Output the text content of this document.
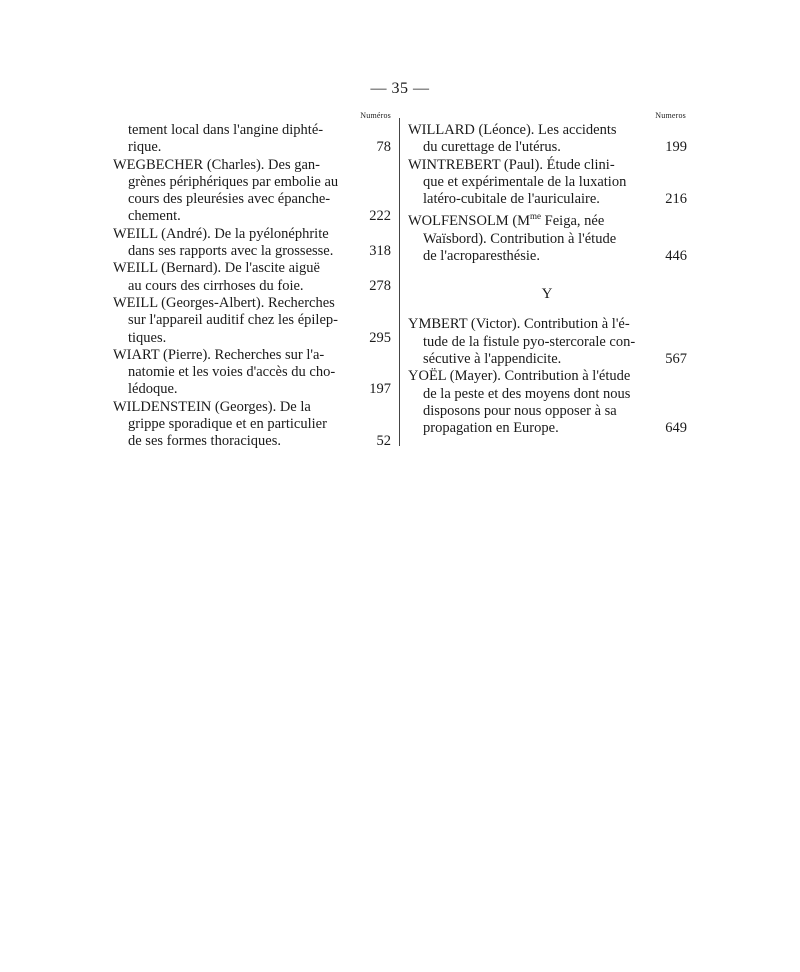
— 35 —
Numéros
tement local dans l'angine diphté-
rique.	78
WEGBECHER (Charles). Des gan-
grènes périphériques par embolie au
cours des pleurésies avec épanche-
chement.	222
WEILL (André). De la pyélonéphrite
dans ses rapports avec la grossesse. 318
WEILL (Bernard). De l'ascite aiguë
au cours des cirrhoses du foie.	278
WEILL (Georges-Albert). Recherches
sur l'appareil auditif chez les épilep-
tiques.	295
WIART (Pierre). Recherches sur l'a-
natomie et les voies d'accès du cho-
lédoque.	197
WILDENSTEIN (Georges). De la
grippe sporadique et en particulier
de ses formes thoraciques.	52
Numeros
WILLARD (Léonce). Les accidents
du curettage de l'utérus.	199
WINTREBERT (Paul). Étude clini-
que et expérimentale de la luxation
latéro-cubitale de l'auriculaire.	216
WOLFENSOLM ($M^{me}$ Feiga, née
Waïsbord). Contribution à l'étude
de l'acroparesthésie.	446
Y
YMBERT (Victor). Contribution à l'é-
tude de la fistule pyo-stercorale con-
sécutive à l'appendicite.	567
YOËL (Mayer). Contribution à l'étude
de la peste et des moyens dont nous
disposons pour nous opposer à sa
propagation en Europe.	649
